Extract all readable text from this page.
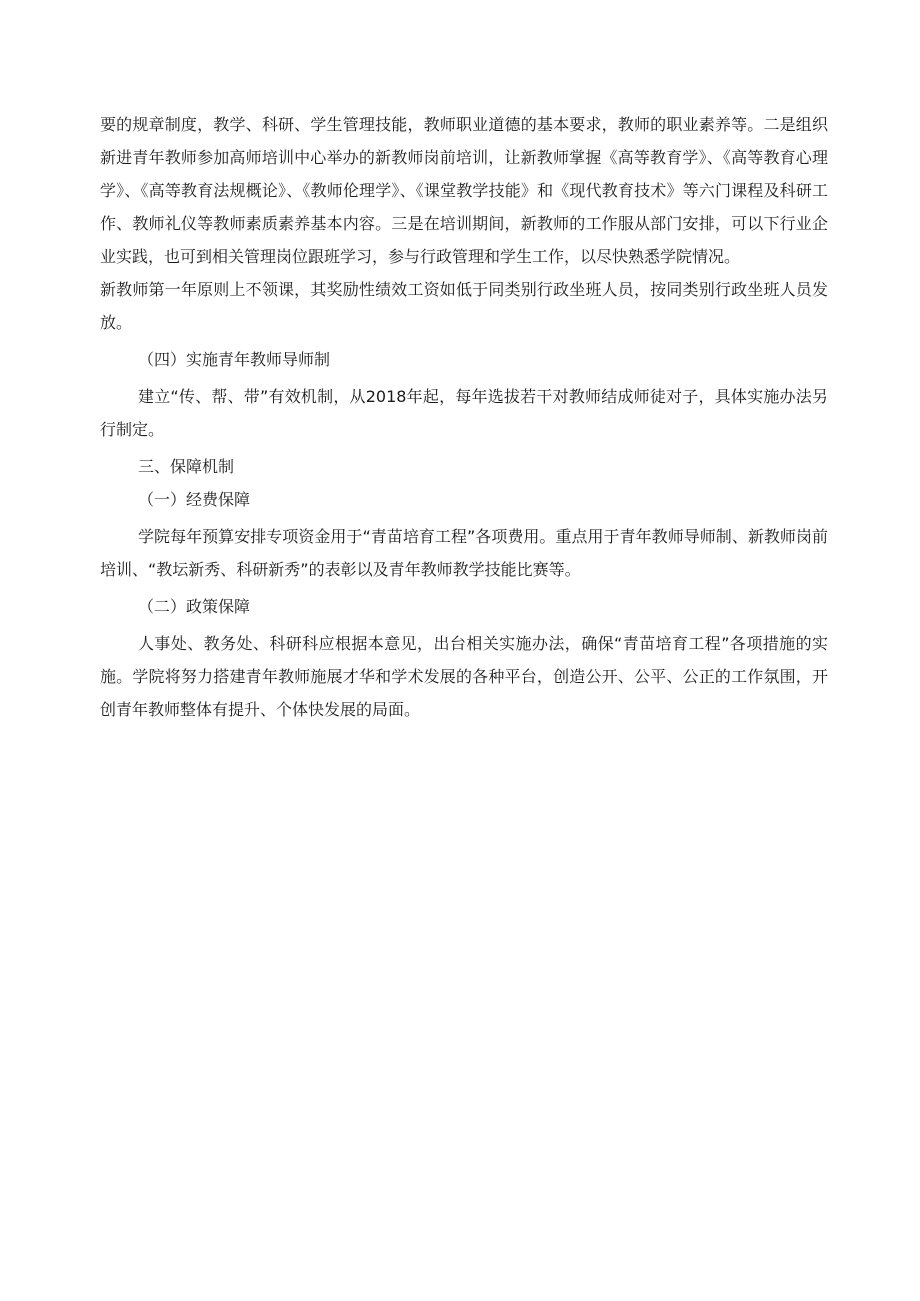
要的规章制度，教学、科研、学生管理技能，教师职业道德的基本要求，教师的职业素养等。二是组织新进青年教师参加高师培训中心举办的新教师岗前培训，让新教师掌握《高等教育学》、《高等教育心理学》、《高等教育法规概论》、《教师伦理学》、《课堂教学技能》和《现代教育技术》等六门课程及科研工作、教师礼仪等教师素质素养基本内容。三是在培训期间，新教师的工作服从部门安排，可以下行业企业实践，也可到相关管理岗位跟班学习，参与行政管理和学生工作，以尽快熟悉学院情况。

新教师第一年原则上不领课，其奖励性绩效工资如低于同类别行政坐班人员，按同类别行政坐班人员发放。

（四）实施青年教师导师制

建立“传、帮、带”有效机制，从2018年起，每年选拔若干对教师结成师徒对子，具体实施办法另行制定。

三、保障机制

（一）经费保障

学院每年预算安排专项资金用于“青苗培育工程”各项费用。重点用于青年教师导师制、新教师岗前培训、“教坛新秀、科研新秀”的表彰以及青年教师教学技能比赛等。

（二）政策保障

人事处、教务处、科研科应根据本意见，出台相关实施办法，确保“青苗培育工程”各项措施的实施。学院将努力搭建青年教师施展才华和学术发展的各种平台，创造公开、公平、公正的工作氛围，开创青年教师整体有提升、个体快发展的局面。
